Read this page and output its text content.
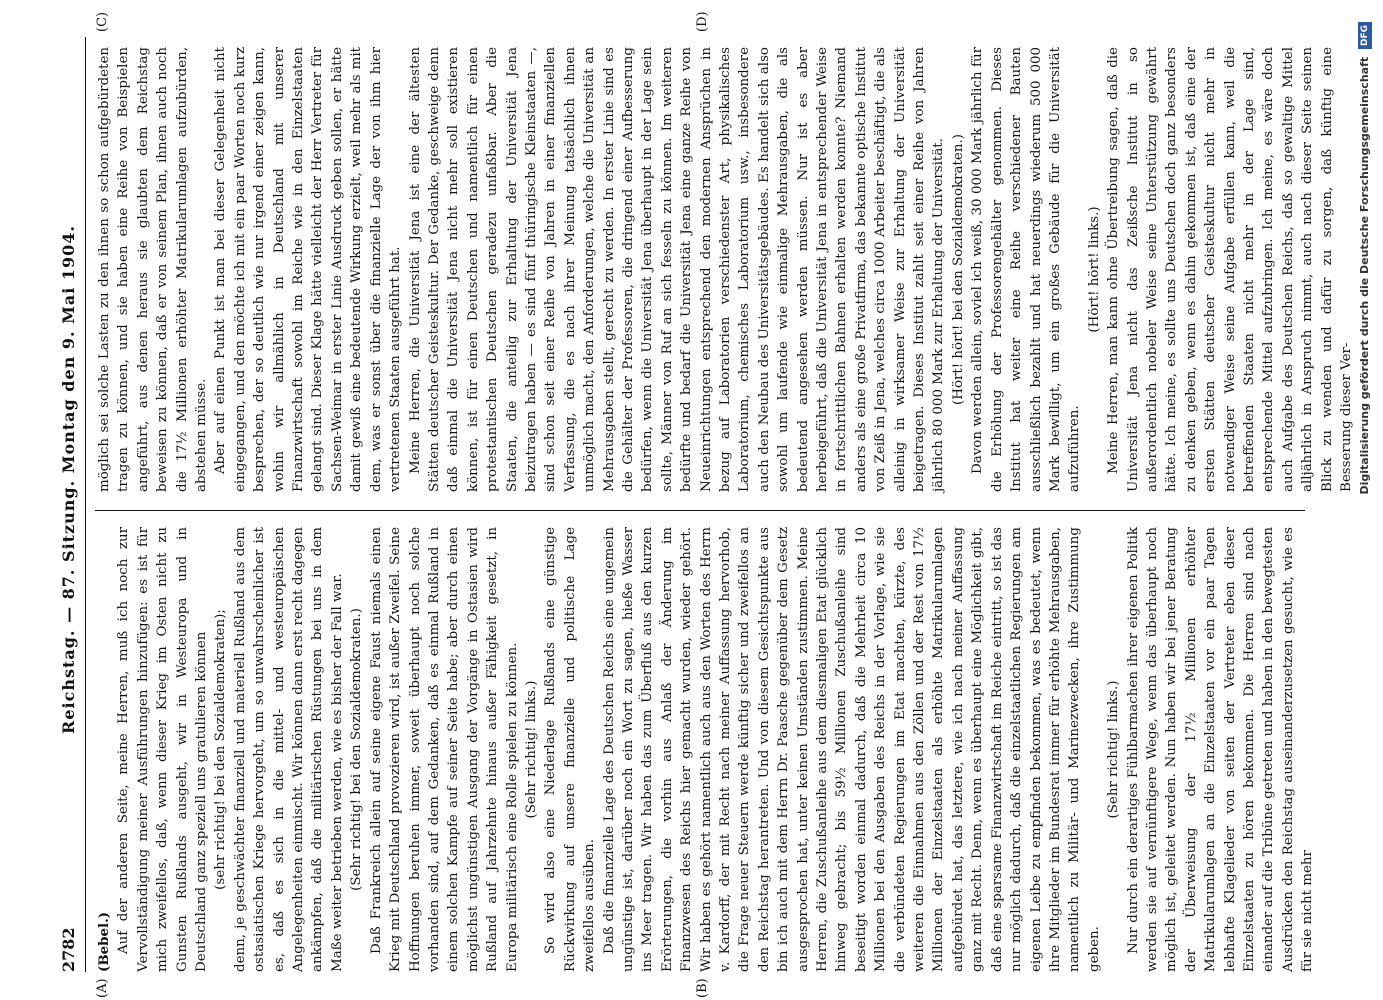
2782
Reichstag. — 87. Sitzung. Montag den 9. Mai 1904.

(Bebel.) Auf der anderen Seite, meine Herren, muß ich noch zur Vervollständigung meiner Ausführungen hinzufügen: es ist für mich zweifellos, daß, wenn dieser Krieg im Osten nicht zu Gunsten Rußlands ausgeht, wir in Westeuropa und in Deutschland ganz speziell uns gratulieren können (sehr richtig! bei den Sozialdemokraten); denn, je geschwächter finanziell und materiell Rußland aus dem ostasiatischen Kriege hervorgeht, um so unwahrscheinlicher ist es, daß es sich in die mittel- und westeuropäischen Angelegenheiten einmischt. Wir können dann erst recht dagegen ankämpfen, daß die militärischen Rüstungen bei uns in dem Maße weiter betrieben werden, wie es bisher der Fall war. (Sehr richtig! bei den Sozialdemokraten.) Daß Frankreich allein auf seine eigene Faust niemals einen Krieg mit Deutschland provozieren wird, ist außer Zweifel. Seine Hoffnungen beruhen immer, soweit überhaupt noch solche vorhanden sind, auf dem Gedanken, daß es einmal Rußland in einem solchen Kampfe auf seiner Seite habe; aber durch einen möglichst ungünstigen Ausgang der Vorgänge in Ostasien wird Rußland auf Jahrzehnte hinaus außer Fähigkeit gesetzt, in Europa militärisch eine Rolle spielen zu können. (Sehr richtig! links.) So wird also eine Niederlage Rußlands eine günstige Rückwirkung auf unsere finanzielle und politische Lage zweifellos ausüben. Daß die finanzielle Lage des Deutschen Reichs eine ungemein ungünstige ist, darüber noch ein Wort zu sagen, hieße Wasser ins Meer tragen. Wir haben das zum Überfluß aus den kurzen Erörterungen, die vorhin aus Anlaß der Änderung im Finanzwesen des Reichs hier gemacht wurden, wieder gehört. Wir haben es gehört namentlich auch aus den Worten des Herrn v. Kardorff, der mit Recht nach meiner Auffassung hervorhob, die Frage neuer Steuern werde künftig sicher und zweifellos an den Reichstag herantreten. Und von diesem Gesichtspunkte aus bin ich auch mit dem Herrn Dr. Paasche gegenüber dem Gesetz ausgesprochen hat, unter keinen Umständen zustimmen. Meine Herren, die Zuschußanleihe aus dem diesmaligen Etat glücklich hinweg gebracht; bis 59½ Millionen Zuschußanleihe sind beseitigt worden einmal dadurch, daß die Mehrheit circa 10 Millionen bei den Ausgaben des Reichs in der Vorlage, wie sie die verbündeten Regierungen im Etat machten, kürzte, des weiteren die Einnahmen aus den Zöllen und der Rest von 17½ Millionen der Einzelstaaten als erhöhte Matrikularumlagen aufgebürdet hat, das letztere, wie ich nach meiner Auffassung ganz mit Recht. Denn, wenn es überhaupt eine Möglichkeit gibt, daß eine sparsame Finanzwirtschaft im Reiche eintritt, so ist das nur möglich dadurch, daß die einzelstaatlichen Regierungen am eigenen Leibe zu empfinden bekommen, was es bedeutet, wenn ihre Mitglieder im Bundesrat immer für erhöhte Mehrausgaben, namentlich zu Militär- und Marinezwecken, ihre Zustimmung geben.

(Sehr richtig! links.) Nur durch ein derartiges Fühlbarmachen ihrer eigenen Politik werden sie auf vernünftigere Wege, wenn das überhaupt noch möglich ist, geleitet werden. Nun haben wir bei jener Beratung der Überweisung der 17½ Millionen erhöhter Matrikularumlagen an die Einzelstaaten vor ein paar Tagen lebhafte Klagelieder von seiten der Vertreter eben dieser Einzelstaaten zu hören bekommen. Die Herren sind nach einander auf die Tribüne getreten und haben in den bewegtesten Ausdrücken den Reichstag auseinanderzusetzen gesucht, wie es für sie nicht mehr

möglich sei solche Lasten zu den ihnen so schon aufgebürdeten tragen zu können, und sie haben eine Reihe von Beispielen angeführt, aus denen heraus sie glaubten dem Reichstag beweisen zu können, daß er von seinem Plan, ihnen auch noch die 17½ Millionen erhöhter Matrikularumlagen aufzubürden, abstehen müsse. Aber auf einen Punkt ist man bei dieser Gelegenheit nicht eingegangen, und den möchte ich mit ein paar Worten noch kurz besprechen, der so deutlich wie nur irgend einer zeigen kann, wohin wir allmählich in Deutschland mit unserer Finanzwirtschaft sowohl im Reiche wie in den Einzelstaaten gelangt sind. Dieser Klage hätte vielleicht der Herr Vertreter für Sachsen-Weimar in erster Linie Ausdruck geben sollen, er hätte damit gewiß eine bedeutende Wirkung erzielt, weil mehr als mit dem, was er sonst über die finanzielle Lage der von ihm hier vertretenen Staaten ausgeführt hat. Meine Herren, die Universität Jena ist eine der ältesten Stätten deutscher Geisteskultur. Der Gedanke, geschweige denn daß einmal die Universität Jena nicht mehr soll existieren können, ist für einen Deutschen und namentlich für einen protestantischen Deutschen geradezu unfaßbar. Aber die Staaten, die anteilig zur Erhaltung der Universität Jena beizutragen haben — es sind fünf thüringische Kleinstaaten —, sind schon seit einer Reihe von Jahren in einer finanziellen Verfassung, die es nach ihrer Meinung tatsächlich ihnen unmöglich macht, den Anforderungen, welche die Universität an Mehrausgaben stellt, gerecht zu werden. In erster Linie sind es die Gehälter der Professoren, die dringend einer Aufbesserung bedürfen, wenn die Universität Jena überhaupt in der Lage sein sollte, Männer von Ruf an sich fesseln zu können. Im weiteren bedürfte und bedarf die Universität Jena eine ganze Reihe von Neueinrichtungen entsprechend den modernen Ansprüchen in bezug auf Laboratorien verschiedenster Art, physikalisches Laboratorium, chemisches Laboratorium usw., insbesondere auch den Neubau des Universitätsgebäudes. Es handelt sich also sowohl um laufende wie einmalige Mehrausgaben, die als bedeutend angesehen werden müssen. Nur ist es aber herbeigeführt, daß die Universität Jena in entsprechender Weise in fortschrittlichen Bahnen erhalten werden konnte? Niemand anders als eine große Privatfirma, das bekannte optische Institut von Zeiß in Jena, welches circa 1000 Arbeiter beschäftigt, die als alleinig in wirksamer Weise zur Erhaltung der Universität beigetragen. Dieses Institut zahlt seit einer Reihe von Jahren jährlich 80 000 Mark zur Erhaltung der Universität. (Hört! hört! bei den Sozialdemokraten.) Davon werden allein, soviel ich weiß, 30 000 Mark jährlich für die Erhöhung der Professorengehälter genommen. Dieses Institut hat weiter eine Reihe verschiedener Bauten ausschließlich bezahlt und hat neuerdings wiederum 500 000 Mark bewilligt, um ein großes Gebäude für die Universität aufzuführen.

(Hört! hört! links.) Meine Herren, man kann ohne Übertreibung sagen, daß die Universität Jena nicht das Zeißsche Institut in so außerordentlich nobeler Weise seine Unterstützung gewährt hätte. Ich meine, es sollte uns Deutschen doch ganz besonders zu denken geben, wenn es dahin gekommen ist, daß eine der ersten Stätten deutscher Geisteskultur nicht mehr in notwendiger Weise seine Aufgabe erfüllen kann, weil die betreffenden Staaten nicht mehr in der Lage sind, entsprechende Mittel aufzubringen. Ich meine, es wäre doch auch Aufgabe des Deutschen Reichs, daß so gewaltige Mittel alljährlich in Anspruch nimmt, auch nach dieser Seite seinen Blick zu wenden und dafür zu sorgen, daß künftig eine Besserung dieser Ver-

(A)	(B)
(C)	(D)
Digitalisierung gefördert durch die Deutsche Forschungsgemeinschaft DFG
